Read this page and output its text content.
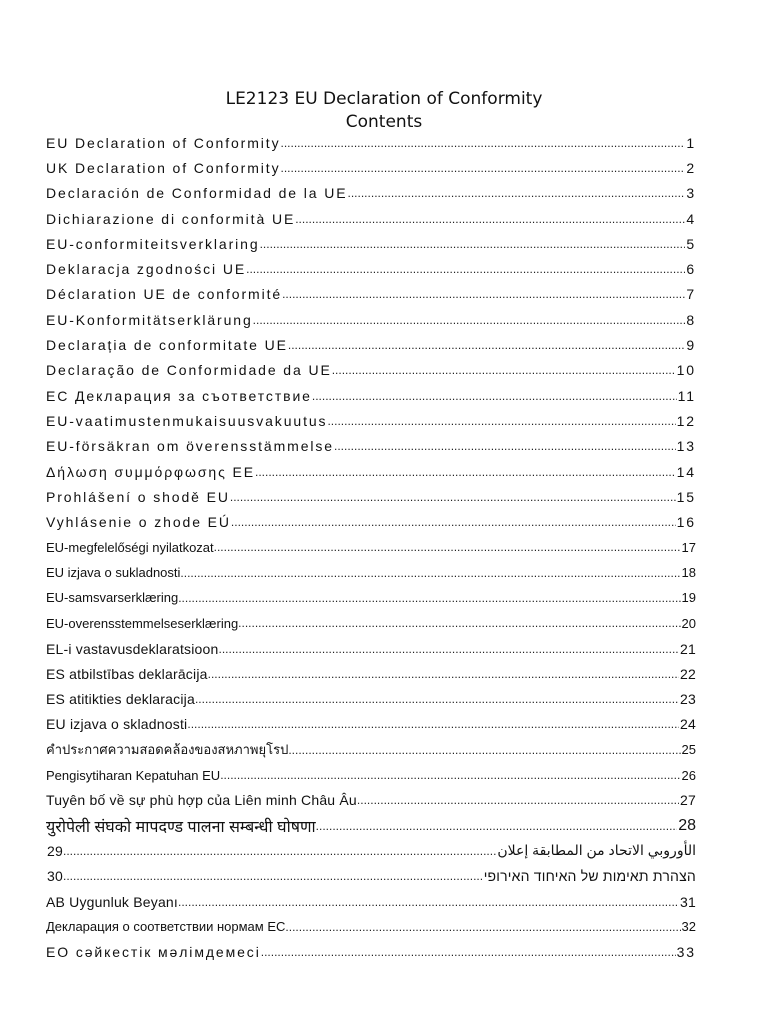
LE2123 EU Declaration of Conformity
Contents
EU Declaration of Conformity .....	1
UK Declaration of Conformity .....	2
Declaración de Conformidad de la UE .....	3
Dichiarazione di conformità UE .....	4
EU-conformiteitsverklaring .....	5
Deklaracja zgodności UE .....	6
Déclaration UE de conformité .....	7
EU-Konformitätserklärung .....	8
Declarația de conformitate UE .....	9
Declaração de Conformidade da UE .....	10
ЕС Декларация за съответствие .....	11
EU-vaatimustenmukaisuusvakuutus .....	12
EU-försäkran om överensstämmelse .....	13
Δήλωση συμμόρφωσης ΕΕ .....	14
Prohlášení o shodě EU .....	15
Vyhlásenie o zhode EÚ .....	16
EU-megfelelőségi nyilatkozat .....	17
EU izjava o sukladnosti .....	18
EU-samsvarserklæring .....	19
EU-overensstemmelseserklæring .....	20
EL-i vastavusdeklaratsioon .....	21
ES atbilstības deklarācija .....	22
ES atitikties deklaracija .....	23
EU izjava o skladnosti .....	24
คำประกาศความสอดคล้องของสหภาพยุโรป .....	25
Pengisytiharan Kepatuhan EU .....	26
Tuyên bố về sự phù hợp của Liên minh Châu Âu .....	27
युरोपेली संघको मापदण्ड पालना सम्बन्धी घोषणा .....	28
29 .....	الأوروبي الاتحاد من المطابقة إعلان
30 .....	הצהרת תאימות של האיחוד האירופי
AB Uygunluk Beyanı .....	31
Декларация о соответствии нормам ЕС .....	32
ЕО сәйкестік мәлімдемесі .....	33
